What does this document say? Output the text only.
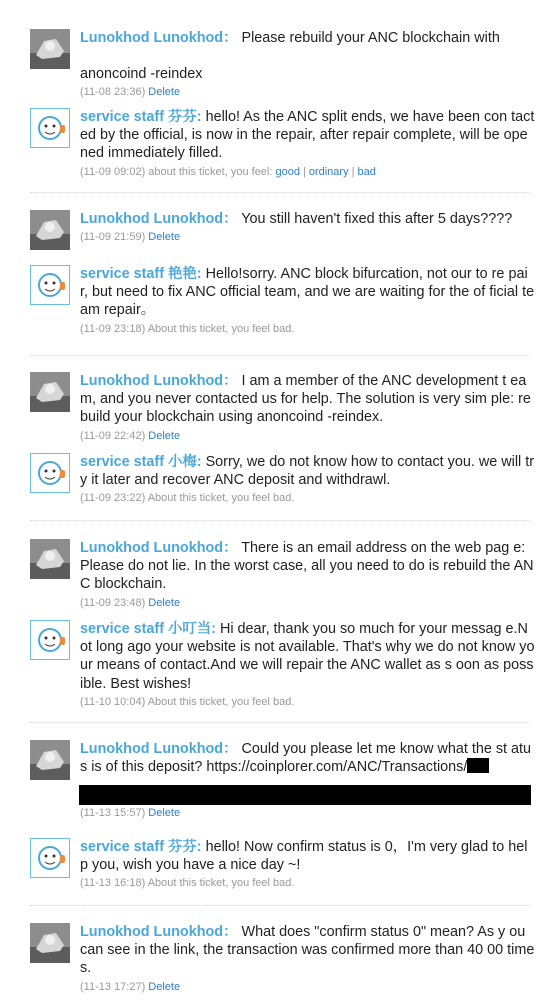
Lunokhod Lunokhod： Please rebuild your ANC blockchain with
anoncoind -reindex
(11-08 23:36) Delete
service staff 芬芬: hello! As the ANC split ends, we have been con tacted by the official, is now in the repair, after repair complete, will be opened immediately filled.
(11-09 09:02) about this ticket, you feel: good | ordinary | bad
Lunokhod Lunokhod： You still haven't fixed this after 5 days????
(11-09 21:59) Delete
service staff 艳艳: Hello!sorry. ANC block bifurcation, not our to re pair, but need to fix ANC official team, and we are waiting for the of ficial team repair。
(11-09 23:18) About this ticket, you feel bad.
Lunokhod Lunokhod： I am a member of the ANC development t eam, and you never contacted us for help. The solution is very sim ple: rebuild your blockchain using anoncoind -reindex.
(11-09 22:42) Delete
service staff 小梅: Sorry, we do not know how to contact you. we will try it later and recover ANC deposit and withdrawl.
(11-09 23:22) About this ticket, you feel bad.
Lunokhod Lunokhod： There is an email address on the web pag e: Please do not lie. In the worst case, all you need to do is rebuild the ANC blockchain.
(11-09 23:48) Delete
service staff 小叮当: Hi dear, thank you so much for your messag e.Not long ago your website is not available. That's why we do not know your means of contact.And we will repair the ANC wallet as s oon as possible. Best wishes!
(11-10 10:04) About this ticket, you feel bad.
Lunokhod Lunokhod： Could you please let me know what the st atus is of this deposit? https://coinplorer.com/ANC/Transactions/
(11-13 15:57) Delete
service staff 芬芬: hello! Now confirm status is 0，I'm very glad to help you, wish you have a nice day ~!
(11-13 16:18) About this ticket, you feel bad.
Lunokhod Lunokhod： What does "confirm status 0" mean? As y ou can see in the link, the transaction was confirmed more than 40 00 times.
(11-13 17:27) Delete
